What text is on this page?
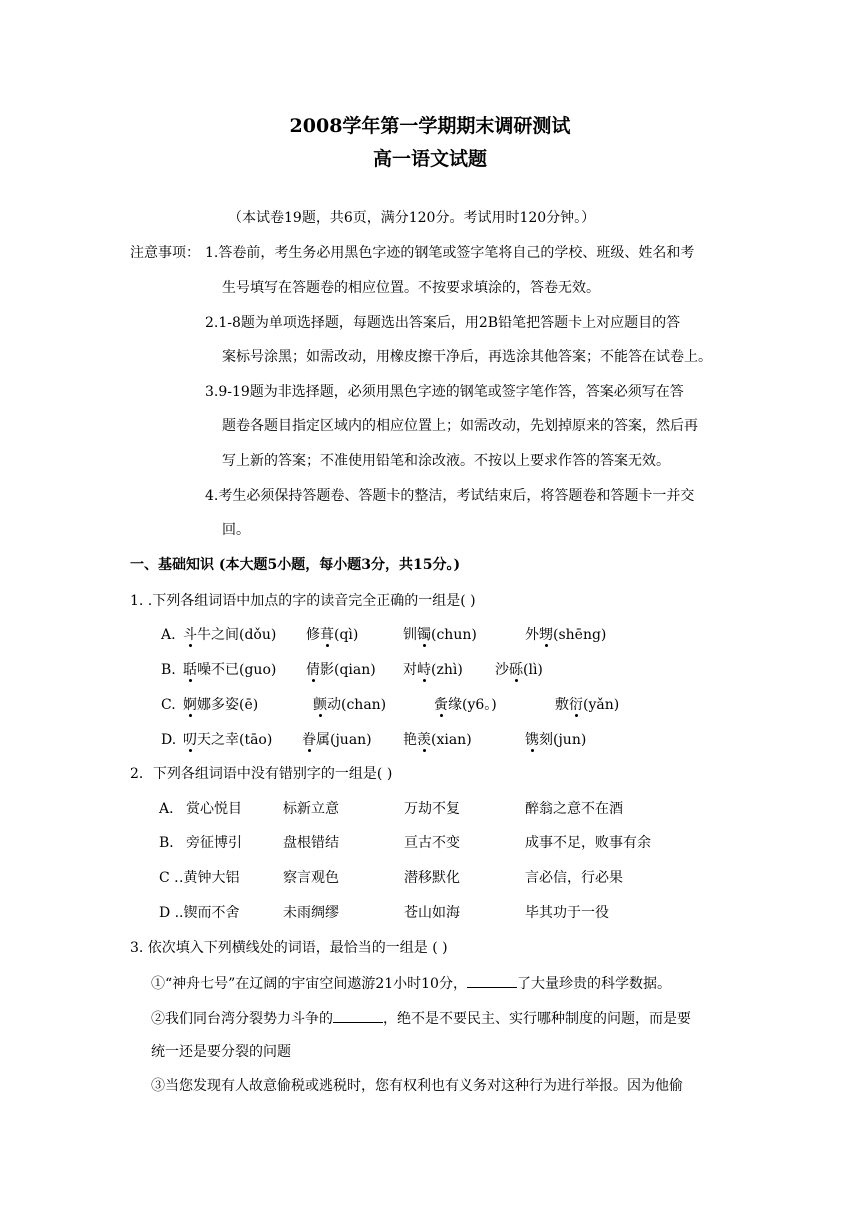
2008学年第一学期期末调研测试
高一语文试题
（本试卷19题，共6页，满分120分。考试用时120分钟。）
注意事项： 1.答卷前，考生务必用黑色字迹的钢笔或签字笔将自己的学校、班级、姓名和考
生号填写在答题卷的相应位置。不按要求填涂的，答卷无效。
2.1-8题为单项选择题，每题选出答案后，用2B铅笔把答题卡上对应题目的答
案标号涂黑；如需改动，用橡皮擦干净后，再选涂其他答案；不能答在试卷上。
3.9-19题为非选择题，必须用黑色字迹的钢笔或签字笔作答，答案必须写在答
题卷各题目指定区域内的相应位置上；如需改动，先划掉原来的答案，然后再
写上新的答案；不准使用铅笔和涂改液。不按以上要求作答的答案无效。
4.考生必须保持答题卷、答题卡的整洁，考试结束后，将答题卷和答题卡一并交
回。
一、基础知识 (本大题5小题，每小题3分，共15分。)
1. .下列各组词语中加点的字的读音完全正确的一组是( )
A. 斗牛之间(dǒu) 修葺(qì)	钏镯(chun)	外甥(shēng)
B. 聒噪不已(guo) 倩影(qian) 对峙(zhì) 沙砾(lì)
C. 婀娜多姿(ē)	颤动(chan)	夤缘(y6。)	敷衍(yǎn)
D. 叨天之幸(tāo) 眷属(juan) 艳羡(xian)	镌刻(jun)
2．下列各组词语中没有错别字的一组是( )
A． 赏心悦目	标新立意	万劫不复	醉翁之意不在酒
B． 旁征博引	盘根错结	亘古不变	成事不足，败事有余
C . .黄钟大铝	察言观色	潜移默化	言必信，行必果
D . .锲而不舍	未雨绸缪	苍山如海	毕其功于一役
3. 依次填入下列横线处的词语，最恰当的一组是 ( )
①“神舟七号”在辽阔的宇宙空间遨游21小时10分，	了大量珍贵的科学数据。
②我们同台湾分裂势力斗争的	，绝不是不要民主、实行哪种制度的问题，而是要
统一还是要分裂的问题
③当您发现有人故意偷税或逃税时，您有权利也有义务对这种行为进行举报。因为他偷
